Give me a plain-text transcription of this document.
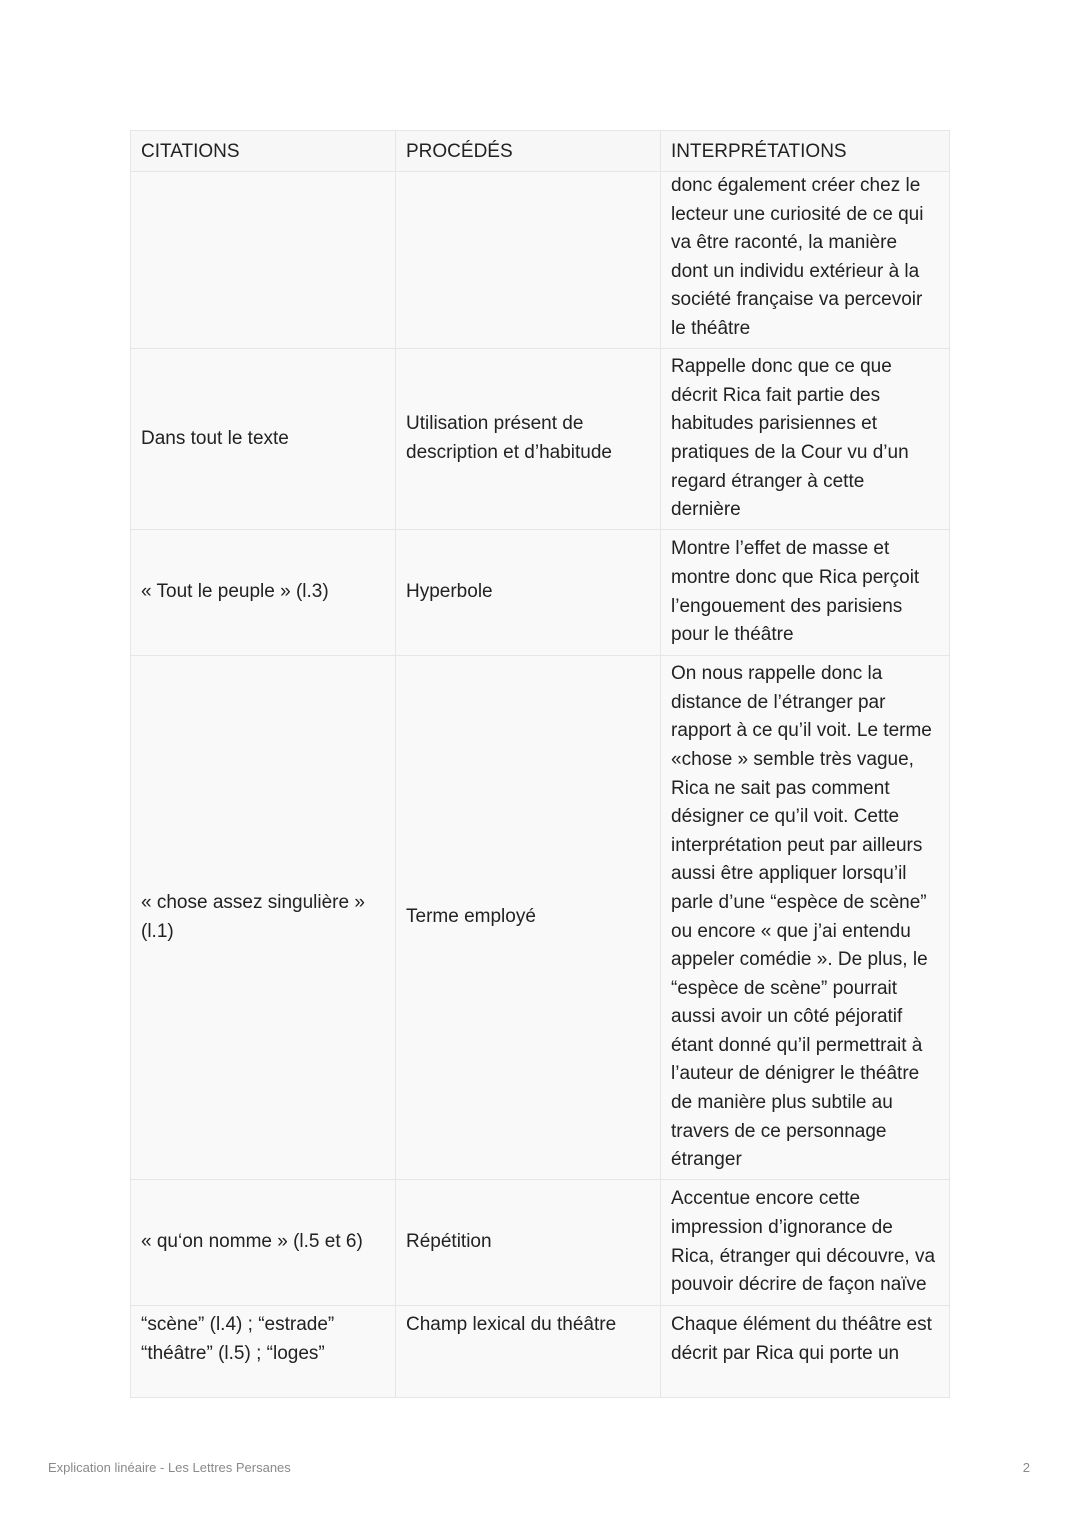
CITATIONS	PROCÉDÉS	INTERPRÉTATIONS
		donc également créer chez le lecteur une curiosité de ce qui va être raconté, la manière dont un individu extérieur à la société française va percevoir le théâtre
Dans tout le texte	Utilisation présent de description et d’habitude	Rappelle donc que ce que décrit Rica fait partie des habitudes parisiennes et pratiques de la Cour vu d’un regard étranger à cette dernière
« Tout le peuple » (l.3)	Hyperbole	Montre l’effet de masse et montre donc que Rica perçoit l’engouement des parisiens pour le théâtre
« chose assez singulière » (l.1)	Terme employé	On nous rappelle donc la distance de l’étranger par rapport à ce qu’il voit. Le terme «chose » semble très vague, Rica ne sait pas comment désigner ce qu’il voit. Cette interprétation peut par ailleurs aussi être appliquer lorsqu’il parle d’une “espèce de scène” ou encore « que j’ai entendu appeler comédie ». De plus, le “espèce de scène” pourrait aussi avoir un côté péjoratif étant donné qu’il permettrait à l’auteur de dénigrer le théâtre de manière plus subtile au travers de ce personnage étranger
« qu‘on nomme » (l.5 et 6)	Répétition	Accentue encore cette impression d’ignorance de Rica, étranger qui découvre, va pouvoir décrire de façon naïve
“scène” (l.4) ; “estrade” “théâtre” (l.5) ; “loges”	Champ lexical du théâtre	Chaque élément du théâtre est décrit par Rica qui porte un
Explication linéaire - Les Lettres Persanes	2
